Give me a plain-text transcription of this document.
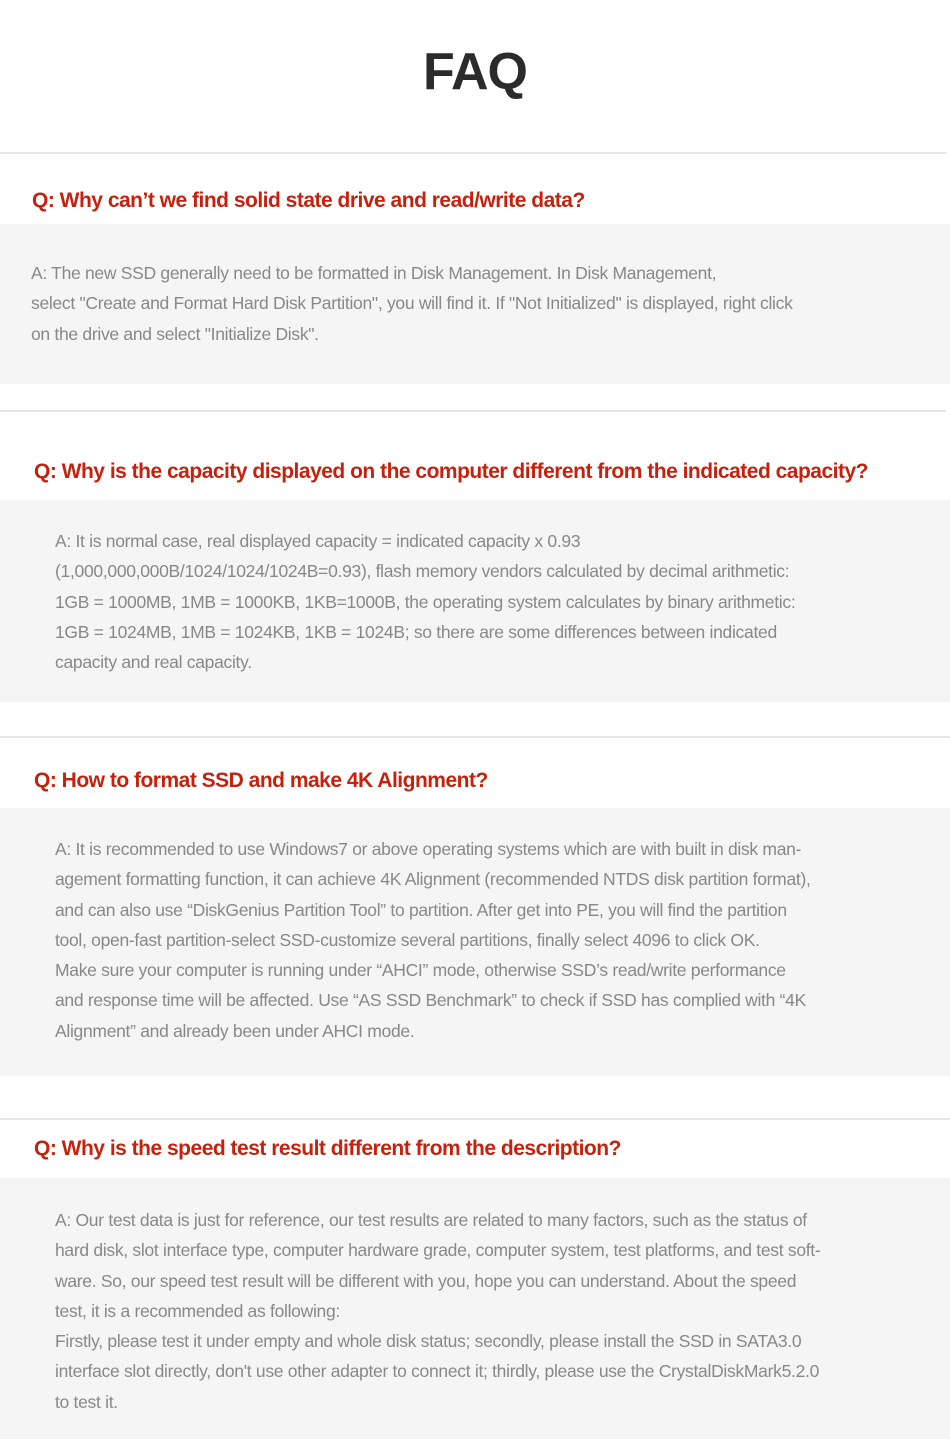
FAQ
Q: Why can’t we find solid state drive and read/write data?

A: The new SSD generally need to be formatted in Disk Management. In Disk Management,

select "Create and Format Hard Disk Partition", you will find it. If "Not Initialized" is displayed, right click

on the drive and select "Initialize Disk".

Q: Why is the capacity displayed on the computer different from the indicated capacity?

A: It is normal case, real displayed capacity = indicated capacity x 0.93

(1,000,000,000B/1024/1024/1024B=0.93), flash memory vendors calculated by decimal arithmetic:

1GB = 1000MB, 1MB = 1000KB, 1KB=1000B, the operating system calculates by binary arithmetic:

1GB = 1024MB, 1MB = 1024KB, 1KB = 1024B; so there are some differences between indicated

capacity and real capacity.

Q: How to format SSD and make 4K Alignment?

A: It is recommended to use Windows7 or above operating systems which are with built in disk man-

agement formatting function, it can achieve 4K Alignment (recommended NTDS disk partition format),

and can also use “DiskGenius Partition Tool” to partition. After get into PE, you will find the partition

tool, open-fast partition-select SSD-customize several partitions, finally select 4096 to click OK.

Make sure your computer is running under “AHCI” mode, otherwise SSD’s read/write performance

and response time will be affected. Use “AS SSD Benchmark” to check if SSD has complied with “4K

Alignment” and already been under AHCI mode.

Q: Why is the speed test result different from the description?

A: Our test data is just for reference, our test results are related to many factors, such as the status of

hard disk, slot interface type, computer hardware grade, computer system, test platforms, and test soft-

ware. So, our speed test result will be different with you, hope you can understand. About the speed

test, it is a recommended as following:

Firstly, please test it under empty and whole disk status; secondly, please install the SSD in SATA3.0

interface slot directly, don't use other adapter to connect it; thirdly, please use the CrystalDiskMark5.2.0

to test it.
